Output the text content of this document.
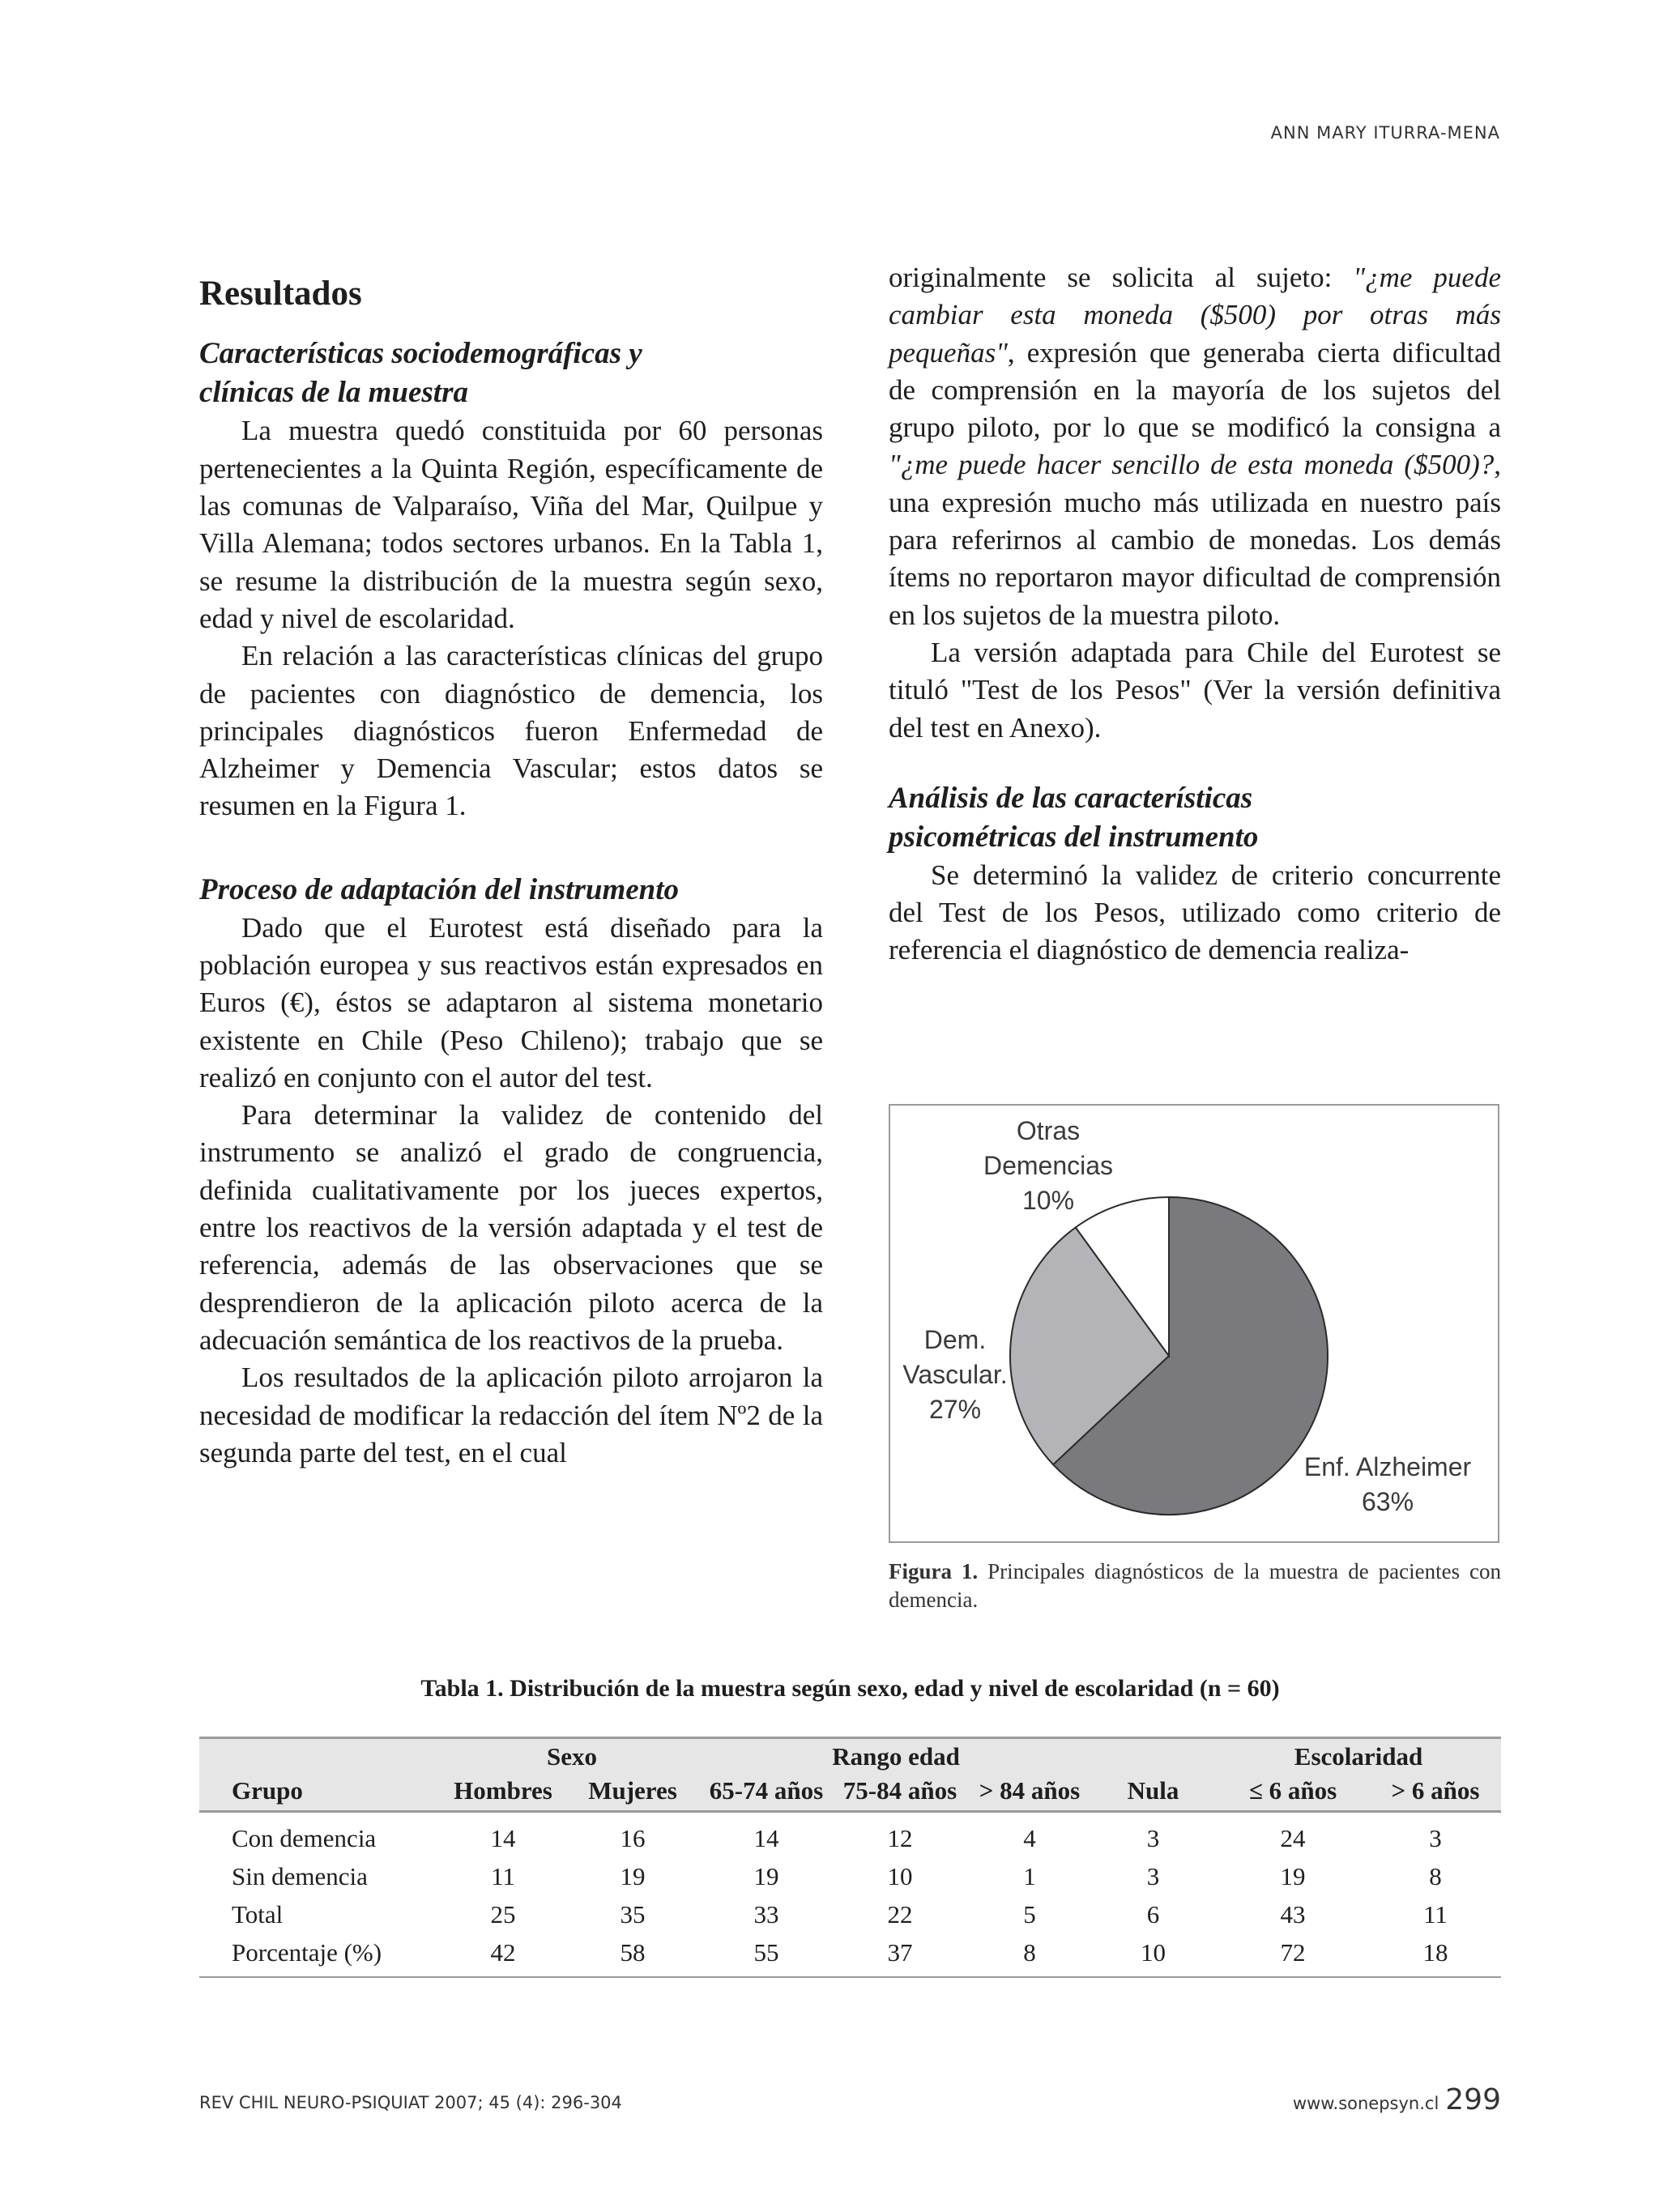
ANN MARY ITURRA-MENA
Resultados
Características sociodemográficas y
clínicas de la muestra

La muestra quedó constituida por 60 personas pertenecientes a la Quinta Región, específicamente de las comunas de Valparaíso, Viña del Mar, Quilpue y Villa Alemana; todos sectores urbanos. En la Tabla 1, se resume la distribución de la muestra según sexo, edad y nivel de escolaridad.

En relación a las características clínicas del grupo de pacientes con diagnóstico de demencia, los principales diagnósticos fueron Enfermedad de Alzheimer y Demencia Vascular; estos datos se resumen en la Figura 1.

Proceso de adaptación del instrumento

Dado que el Eurotest está diseñado para la población europea y sus reactivos están expresados en Euros (€), éstos se adaptaron al sistema monetario existente en Chile (Peso Chileno); trabajo que se realizó en conjunto con el autor del test.

Para determinar la validez de contenido del instrumento se analizó el grado de congruencia, definida cualitativamente por los jueces expertos, entre los reactivos de la versión adaptada y el test de referencia, además de las observaciones que se desprendieron de la aplicación piloto acerca de la adecuación semántica de los reactivos de la prueba.

Los resultados de la aplicación piloto arrojaron la necesidad de modificar la redacción del ítem Nº2 de la segunda parte del test, en el cual

originalmente se solicita al sujeto: "¿me puede cambiar esta moneda ($500) por otras más pequeñas", expresión que generaba cierta dificultad de comprensión en la mayoría de los sujetos del grupo piloto, por lo que se modificó la consigna a "¿me puede hacer sencillo de esta moneda ($500)?, una expresión mucho más utilizada en nuestro país para referirnos al cambio de monedas. Los demás ítems no reportaron mayor dificultad de comprensión en los sujetos de la muestra piloto.

La versión adaptada para Chile del Eurotest se tituló "Test de los Pesos" (Ver la versión definitiva del test en Anexo).

Análisis de las características
psicométricas del instrumento

Se determinó la validez de criterio concurrente del Test de los Pesos, utilizado como criterio de referencia el diagnóstico de demencia realiza-

Enf. Alzheimer 63%
Dem. Vascular. 27%
Otras Demencias 10%
Figura 1. Principales diagnósticos de la muestra de pacientes con demencia.
Tabla 1. Distribución de la muestra según sexo, edad y nivel de escolaridad (n = 60)
	Sexo		Rango edad				Escolaridad	
Grupo	Hombres	Mujeres	65-74 años	75-84 años	> 84 años	Nula	≤ 6 años	> 6 años
Con demencia	14	16	14	12	4	3	24	3
Sin demencia	11	19	19	10	1	3	19	8
Total	25	35	33	22	5	6	43	11
Porcentaje (%)	42	58	55	37	8	10	72	18
REV CHIL NEURO-PSIQUIAT 2007; 45 (4): 296-304	www.sonepsyn.cl 299
